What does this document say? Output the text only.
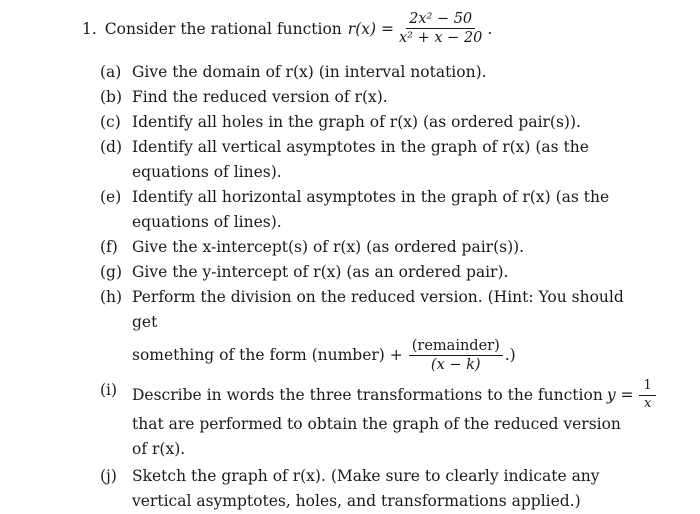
1. Consider the rational function $r(x) = \frac{\text{2x² − 50}}{\text{x² + x − 20}}$ .
(a) Give the domain of r(x) (in interval notation).
(b) Find the reduced version of r(x).
(c) Identify all holes in the graph of r(x) (as ordered pair(s)).
(d) Identify all vertical asymptotes in the graph of r(x) (as the equations of lines).
(e) Identify all horizontal asymptotes in the graph of r(x) (as the equations of lines).
(f) Give the x-intercept(s) of r(x) (as ordered pair(s)).
(g) Give the y-intercept of r(x) (as an ordered pair).
(h) Perform the division on the reduced version. (Hint: You should get
something of the form (number) + $\frac{\text{(remainder)}}{(x - k)}$ .)
(i) Describe in words the three transformations to the function $y = \frac{1}{x}$
that are performed to obtain the graph of the reduced version of r(x).
(j) Sketch the graph of r(x). (Make sure to clearly indicate any vertical asymptotes, holes, and transformations applied.)
